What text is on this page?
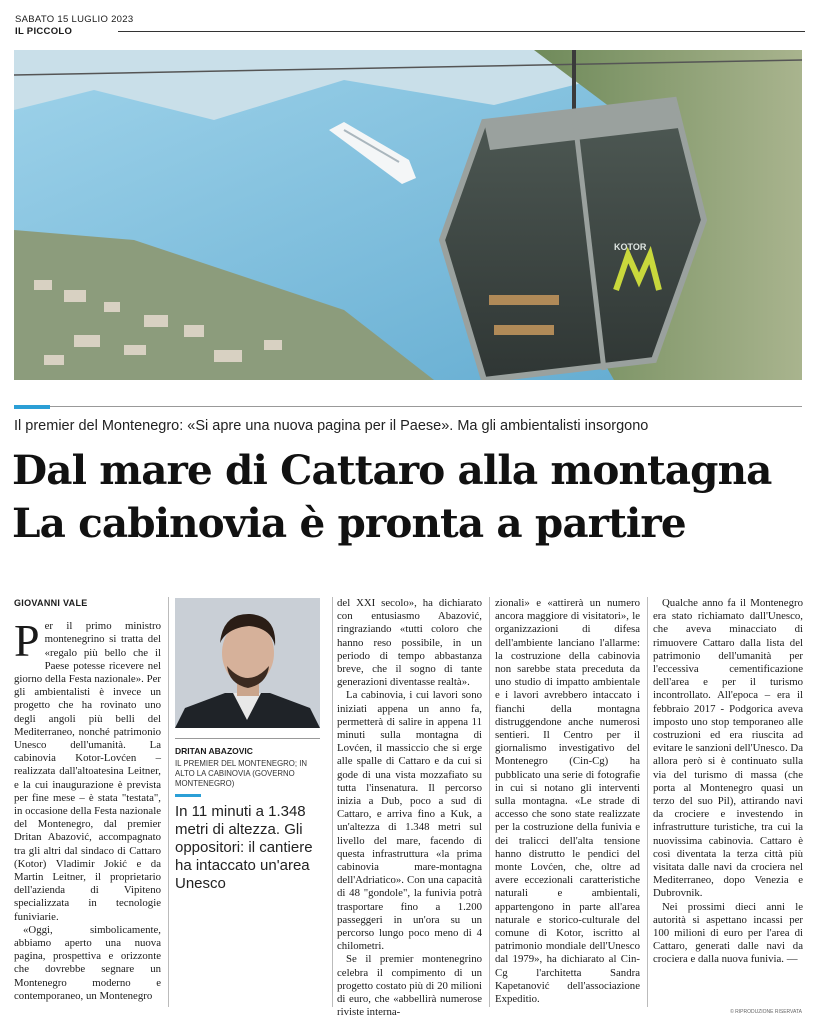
SABATO 15 LUGLIO 2023
IL PICCOLO
KOTOR
Il premier del Montenegro: «Si apre una nuova pagina per il Paese». Ma gli ambientalisti insorgono
Dal mare di Cattaro alla montagna
La cabinovia è pronta a partire
GIOVANNI VALE

Per il primo ministro montenegrino si tratta del «regalo più bello che il Paese potesse ricevere nel giorno della Festa nazionale». Per gli ambientalisti è invece un progetto che ha rovinato uno degli angoli più belli del Mediterraneo, nonché patrimonio Unesco dell'umanità. La cabinovia Kotor-Lovćen – realizzata dall'altoatesina Leitner, e la cui inaugurazione è prevista per fine mese – è stata "testata", in occasione della Festa nazionale del Montenegro, dal premier Dritan Abazović, accompagnato tra gli altri dal sindaco di Cattaro (Kotor) Vladimir Jokić e da Martin Leitner, il proprietario dell'azienda di Vipiteno specializzata in tecnologie funiviarie.

«Oggi, simbolicamente, abbiamo aperto una nuova pagina, prospettiva e orizzonte che dovrebbe segnare un Montenegro moderno e contemporaneo, un Montenegro

DRITAN ABAZOVIC
IL PREMIER DEL MONTENEGRO; IN ALTO LA CABINOVIA (GOVERNO MONTENEGRO)
In 11 minuti a 1.348 metri di altezza. Gli oppositori: il cantiere ha intaccato un'area Unesco

del XXI secolo», ha dichiarato con entusiasmo Abazović, ringraziando «tutti coloro che hanno reso possibile, in un periodo di tempo abbastanza breve, che il sogno di tante generazioni diventasse realtà».

La cabinovia, i cui lavori sono iniziati appena un anno fa, permetterà di salire in appena 11 minuti sulla montagna di Lovćen, il massiccio che si erge alle spalle di Cattaro e da cui si gode di una vista mozzafiato su tutta l'insenatura. Il percorso inizia a Dub, poco a sud di Cattaro, e arriva fino a Kuk, a un'altezza di 1.348 metri sul livello del mare, facendo di questa infrastruttura «la prima cabinovia mare-montagna dell'Adriatico». Con una capacità di 48 "gondole", la funivia potrà trasportare fino a 1.200 passeggeri in un'ora su un percorso lungo poco meno di 4 chilometri.

Se il premier montenegrino celebra il compimento di un progetto costato più di 20 milioni di euro, che «abbellirà numerose riviste interna-

zionali» e «attirerà un numero ancora maggiore di visitatori», le organizzazioni di difesa dell'ambiente lanciano l'allarme: la costruzione della cabinovia non sarebbe stata preceduta da uno studio di impatto ambientale e i lavori avrebbero intaccato i fianchi della montagna distruggendone anche numerosi sentieri. Il Centro per il giornalismo investigativo del Montenegro (Cin-Cg) ha pubblicato una serie di fotografie in cui si notano gli interventi sulla montagna. «Le strade di accesso che sono state realizzate per la costruzione della funivia e dei tralicci dell'alta tensione hanno distrutto le pendici del monte Lovćen, che, oltre ad avere eccezionali caratteristiche naturali e ambientali, appartengono in parte all'area naturale e storico-culturale del comune di Kotor, iscritto al patrimonio mondiale dell'Unesco dal 1979», ha dichiarato al Cin-Cg l'architetta Sandra Kapetanović dell'associazione Expeditio.

Qualche anno fa il Montenegro era stato richiamato dall'Unesco, che aveva minacciato di rimuovere Cattaro dalla lista del patrimonio dell'umanità per l'eccessiva cementificazione dell'area e per il turismo incontrollato. All'epoca – era il febbraio 2017 - Podgorica aveva imposto uno stop temporaneo alle costruzioni ed era riuscita ad evitare le sanzioni dell'Unesco. Da allora però si è continuato sulla via del turismo di massa (che porta al Montenegro quasi un terzo del suo Pil), attirando navi da crociere e investendo in infrastrutture turistiche, tra cui la nuovissima cabinovia. Cattaro è così diventata la terza città più visitata dalle navi da crociera nel Mediterraneo, dopo Venezia e Dubrovnik.

Nei prossimi dieci anni le autorità si aspettano incassi per 100 milioni di euro per l'area di Cattaro, generati dalle navi da crociera e dalla nuova funivia. —

© RIPRODUZIONE RISERVATA
